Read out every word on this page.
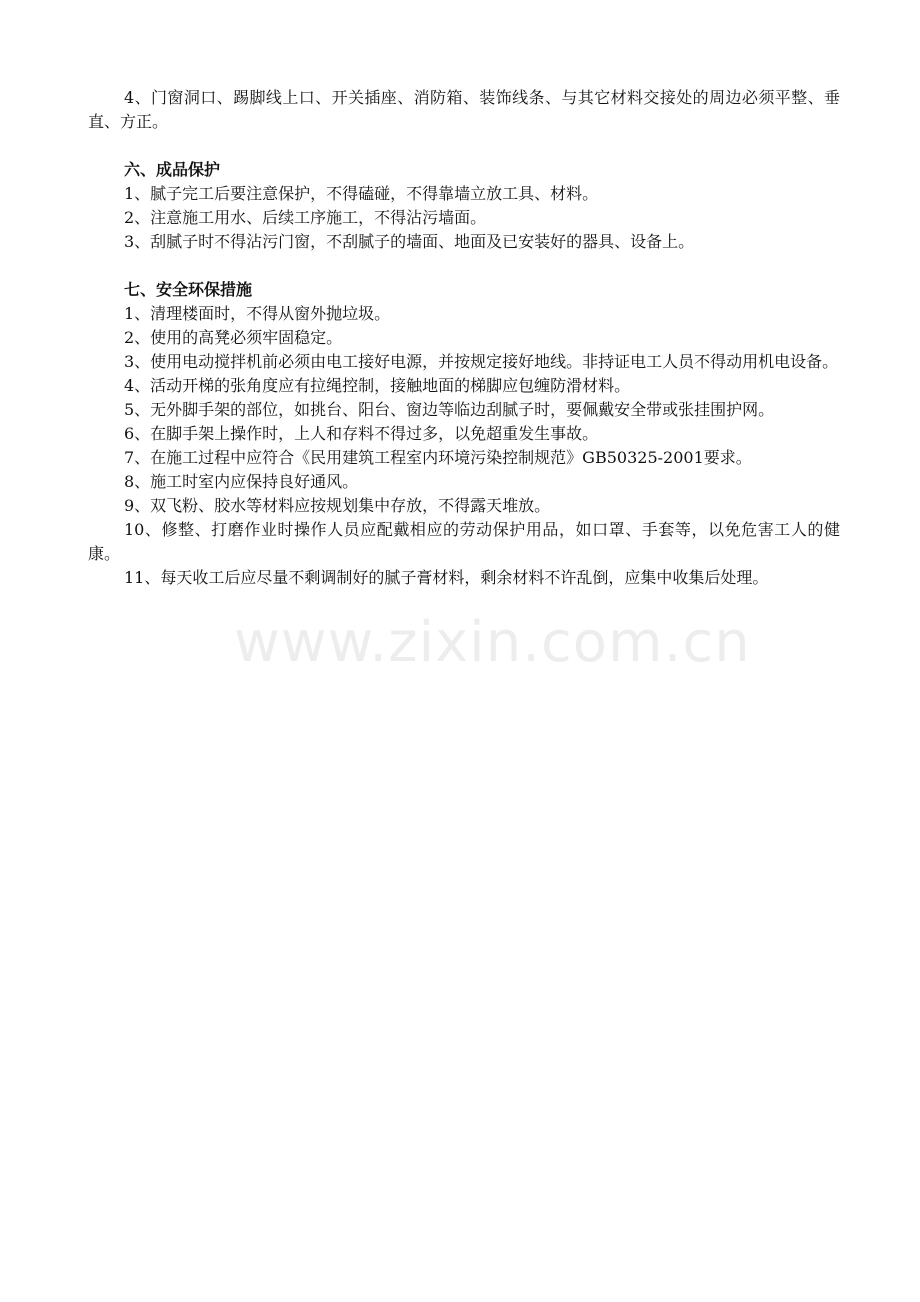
4、门窗洞口、踢脚线上口、开关插座、消防箱、装饰线条、与其它材料交接处的周边必须平整、垂直、方正。

六、成品保护

1、腻子完工后要注意保护，不得磕碰，不得靠墙立放工具、材料。

2、注意施工用水、后续工序施工，不得沾污墙面。

3、刮腻子时不得沾污门窗，不刮腻子的墙面、地面及已安装好的器具、设备上。

七、安全环保措施

1、清理楼面时，不得从窗外抛垃圾。

2、使用的高凳必须牢固稳定。

3、使用电动搅拌机前必须由电工接好电源，并按规定接好地线。非持证电工人员不得动用机电设备。

4、活动开梯的张角度应有拉绳控制，接触地面的梯脚应包缠防滑材料。

5、无外脚手架的部位，如挑台、阳台、窗边等临边刮腻子时，要佩戴安全带或张挂围护网。

6、在脚手架上操作时，上人和存料不得过多，以免超重发生事故。

7、在施工过程中应符合《民用建筑工程室内环境污染控制规范》GB50325-2001要求。

8、施工时室内应保持良好通风。

9、双飞粉、胶水等材料应按规划集中存放，不得露天堆放。

10、修整、打磨作业时操作人员应配戴相应的劳动保护用品，如口罩、手套等，以免危害工人的健康。

11、每天收工后应尽量不剩调制好的腻子膏材料，剩余材料不许乱倒，应集中收集后处理。

www.zixin.com.cn
